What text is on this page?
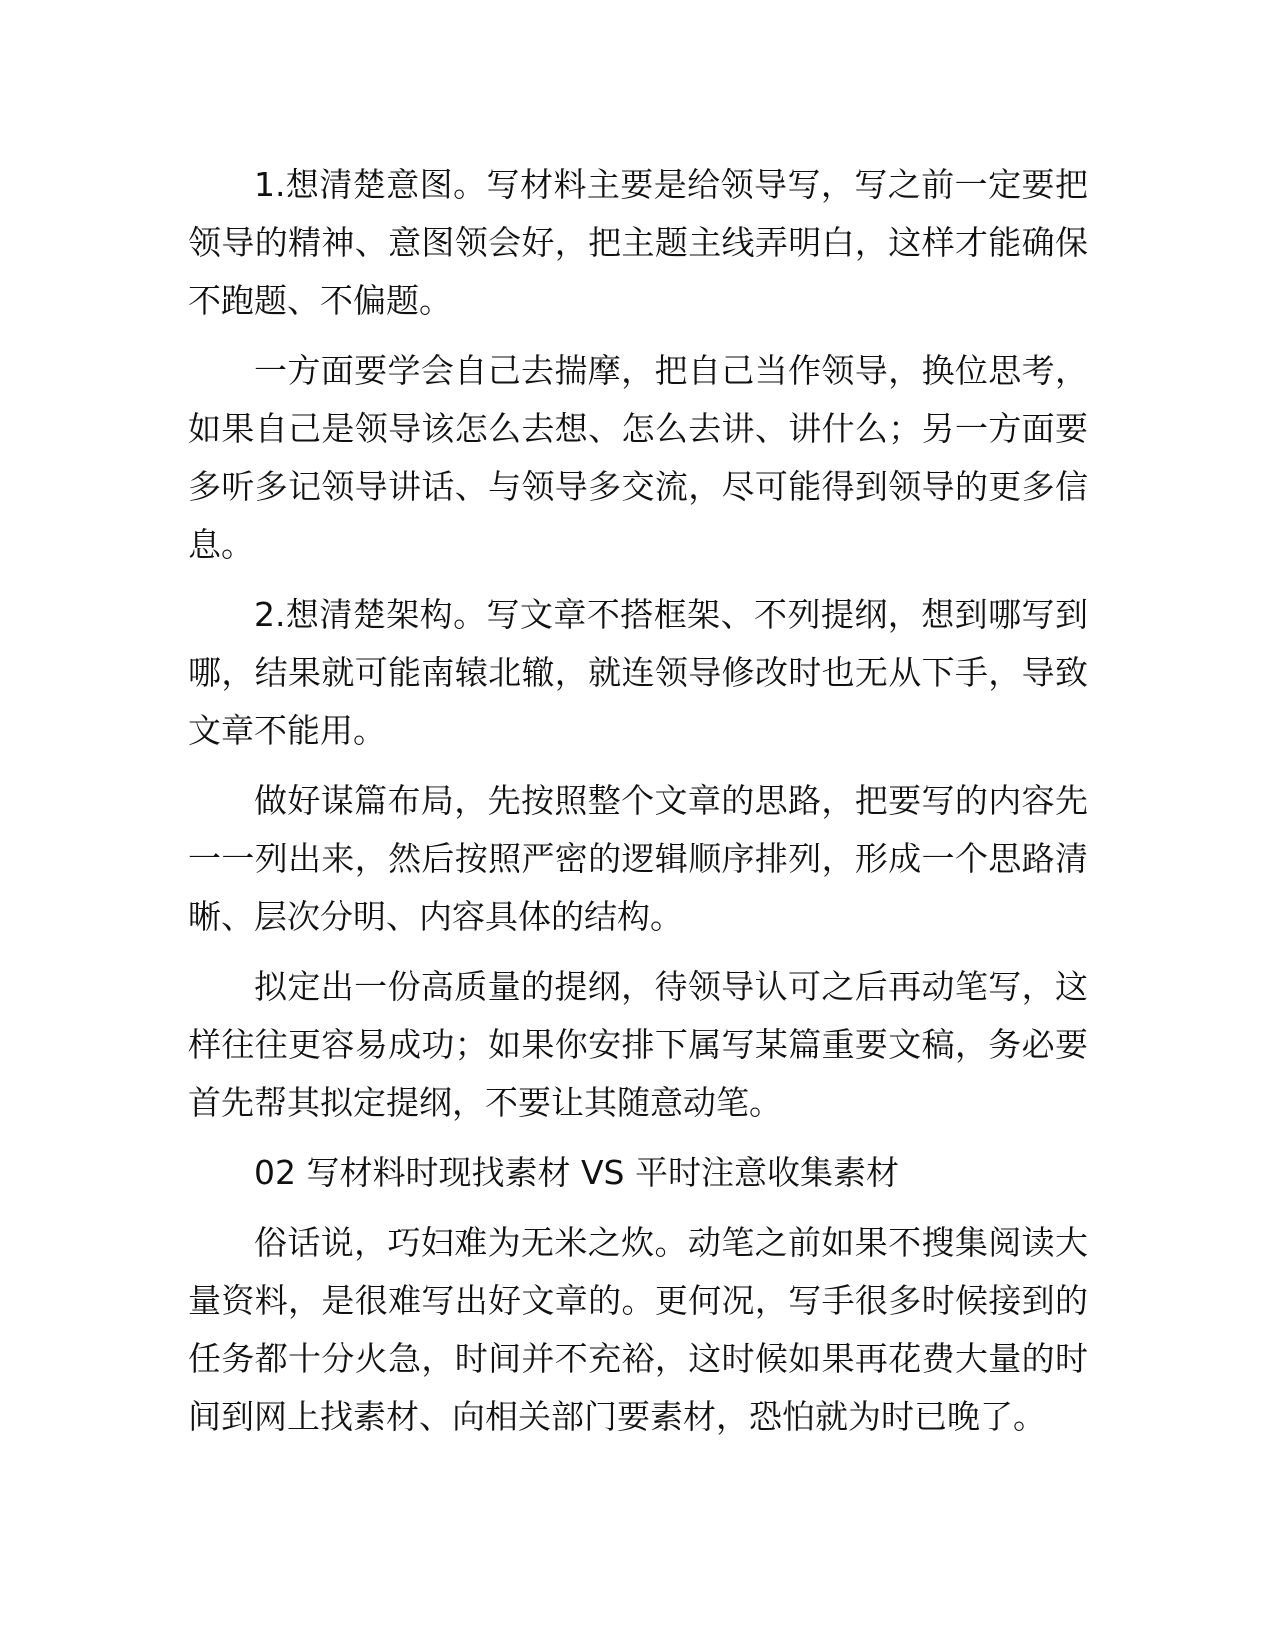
1.想清楚意图。写材料主要是给领导写，写之前一定要把领导的精神、意图领会好，把主题主线弄明白，这样才能确保不跑题、不偏题。

一方面要学会自己去揣摩，把自己当作领导，换位思考，如果自己是领导该怎么去想、怎么去讲、讲什么；另一方面要多听多记领导讲话、与领导多交流，尽可能得到领导的更多信息。

2.想清楚架构。写文章不搭框架、不列提纲，想到哪写到哪，结果就可能南辕北辙，就连领导修改时也无从下手，导致文章不能用。

做好谋篇布局，先按照整个文章的思路，把要写的内容先一一列出来，然后按照严密的逻辑顺序排列，形成一个思路清晰、层次分明、内容具体的结构。

拟定出一份高质量的提纲，待领导认可之后再动笔写，这样往往更容易成功；如果你安排下属写某篇重要文稿，务必要首先帮其拟定提纲，不要让其随意动笔。

02 写材料时现找素材 VS 平时注意收集素材

俗话说，巧妇难为无米之炊。动笔之前如果不搜集阅读大量资料，是很难写出好文章的。更何况，写手很多时候接到的任务都十分火急，时间并不充裕，这时候如果再花费大量的时间到网上找素材、向相关部门要素材，恐怕就为时已晚了。
